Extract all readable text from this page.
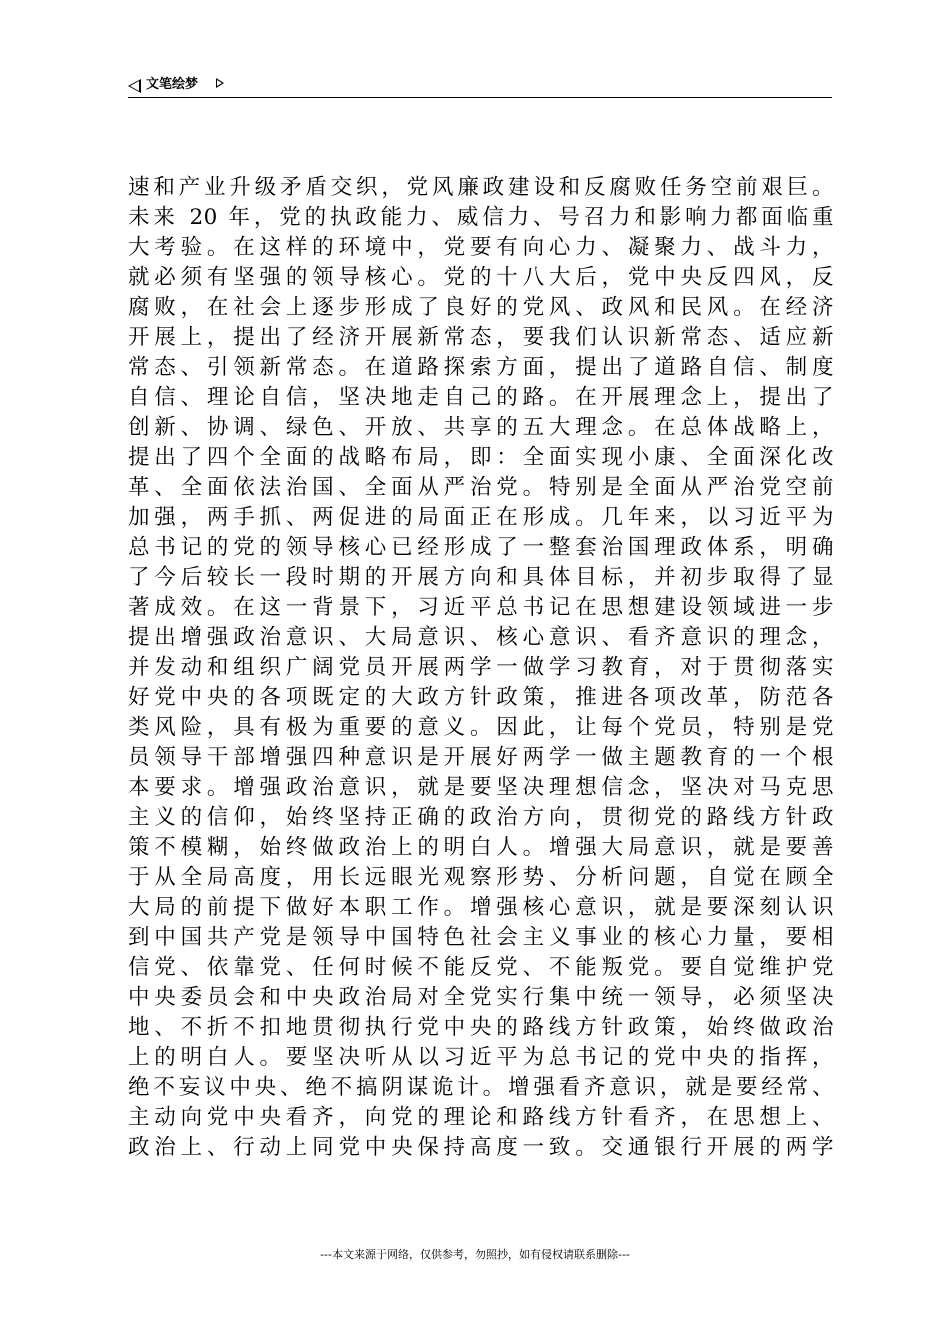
文笔绘梦
速和产业升级矛盾交织，党风廉政建设和反腐败任务空前艰巨。
未来 20 年，党的执政能力、威信力、号召力和影响力都面临重
大考验。在这样的环境中，党要有向心力、凝聚力、战斗力，
就必须有坚强的领导核心。党的十八大后，党中央反四风，反
腐败，在社会上逐步形成了良好的党风、政风和民风。在经济
开展上，提出了经济开展新常态，要我们认识新常态、适应新
常态、引领新常态。在道路探索方面，提出了道路自信、制度
自信、理论自信，坚决地走自己的路。在开展理念上，提出了
创新、协调、绿色、开放、共享的五大理念。在总体战略上，
提出了四个全面的战略布局，即：全面实现小康、全面深化改
革、全面依法治国、全面从严治党。特别是全面从严治党空前
加强，两手抓、两促进的局面正在形成。几年来，以习近平为
总书记的党的领导核心已经形成了一整套治国理政体系，明确
了今后较长一段时期的开展方向和具体目标，并初步取得了显
著成效。在这一背景下，习近平总书记在思想建设领域进一步
提出增强政治意识、大局意识、核心意识、看齐意识的理念，
并发动和组织广阔党员开展两学一做学习教育，对于贯彻落实
好党中央的各项既定的大政方针政策，推进各项改革，防范各
类风险，具有极为重要的意义。因此，让每个党员，特别是党
员领导干部增强四种意识是开展好两学一做主题教育的一个根
本要求。增强政治意识，就是要坚决理想信念，坚决对马克思
主义的信仰，始终坚持正确的政治方向，贯彻党的路线方针政
策不模糊，始终做政治上的明白人。增强大局意识，就是要善
于从全局高度，用长远眼光观察形势、分析问题，自觉在顾全
大局的前提下做好本职工作。增强核心意识，就是要深刻认识
到中国共产党是领导中国特色社会主义事业的核心力量，要相
信党、依靠党、任何时候不能反党、不能叛党。要自觉维护党
中央委员会和中央政治局对全党实行集中统一领导，必须坚决
地、不折不扣地贯彻执行党中央的路线方针政策，始终做政治
上的明白人。要坚决听从以习近平为总书记的党中央的指挥，
绝不妄议中央、绝不搞阴谋诡计。增强看齐意识，就是要经常、
主动向党中央看齐，向党的理论和路线方针看齐，在思想上、
政治上、行动上同党中央保持高度一致。交通银行开展的两学
---本文来源于网络，仅供参考，勿照抄，如有侵权请联系删除---
